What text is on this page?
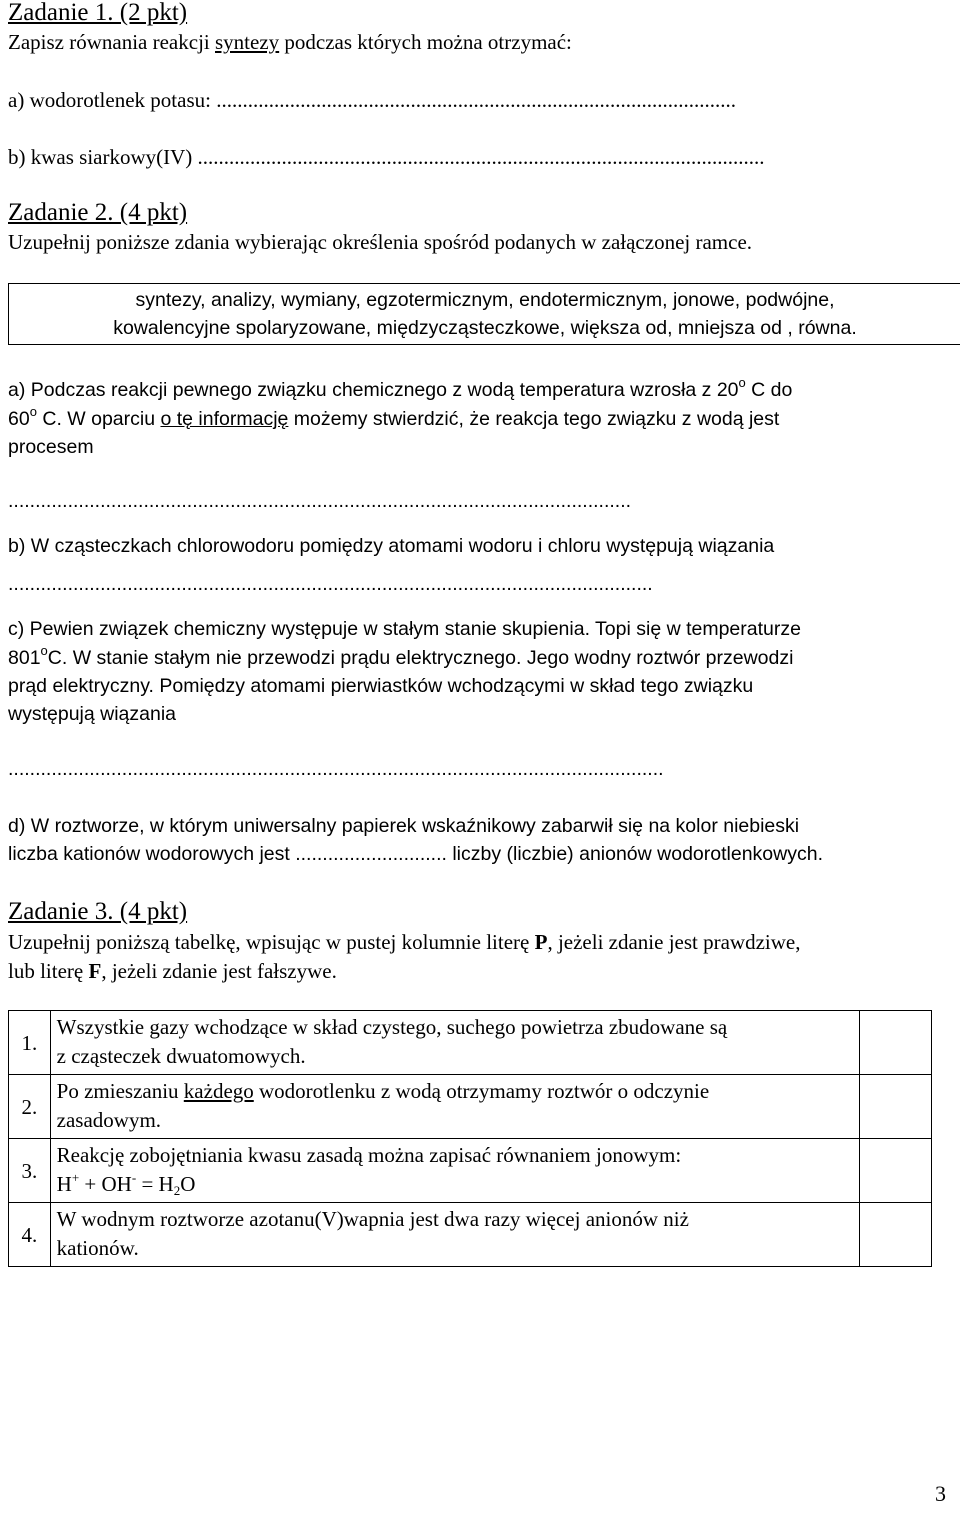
Zadanie 1. (2 pkt)
Zapisz równania reakcji syntezy podczas których można otrzymać:
a) wodorotlenek potasu: ...................................................................................................
b) kwas siarkowy(IV) ............................................................................................................
Zadanie 2. (4 pkt)
Uzupełnij poniższe zdania wybierając określenia spośród podanych w załączonej ramce.
syntezy, analizy, wymiany, egzotermicznym, endotermicznym, jonowe, podwójne,
kowalencyjne spolaryzowane, międzycząsteczkowe, większa od, mniejsza od , równa.
a) Podczas reakcji pewnego związku chemicznego z wodą temperatura wzrosła z 20$^o$ C do
60$^o$ C. W oparciu o tę informację możemy stwierdzić, że reakcja tego związku z wodą jest
procesem
...................................................................................................................
b) W cząsteczkach chlorowodoru pomiędzy atomami wodoru i chloru występują wiązania
.......................................................................................................................
c) Pewien związek chemiczny występuje w stałym stanie skupienia. Topi się w temperaturze
801$^o$C. W stanie stałym nie przewodzi prądu elektrycznego. Jego wodny roztwór przewodzi
prąd elektryczny. Pomiędzy atomami pierwiastków wchodzącymi w skład tego związku
występują wiązania
.........................................................................................................................
d) W roztworze, w którym uniwersalny papierek wskaźnikowy zabarwił się na kolor niebieski
liczba kationów wodorowych jest ............................ liczby (liczbie) anionów wodorotlenkowych.
Zadanie 3. (4 pkt)
Uzupełnij poniższą tabelkę, wpisując w pustej kolumnie literę P, jeżeli zdanie jest prawdziwe,
lub literę F, jeżeli zdanie jest fałszywe.
1.	Wszystkie gazy wchodzące w skład czystego, suchego powietrza zbudowane są
z cząsteczek dwuatomowych.	

2.	Po zmieszaniu każdego wodorotlenku z wodą otrzymamy roztwór o odczynie
zasadowym.	

3.	Reakcję zobojętniania kwasu zasadą można zapisać równaniem jonowym:
$H^+ + OH^- = H_2O$	

4.	W wodnym roztworze azotanu(V)wapnia jest dwa razy więcej anionów niż
kationów.	

3
